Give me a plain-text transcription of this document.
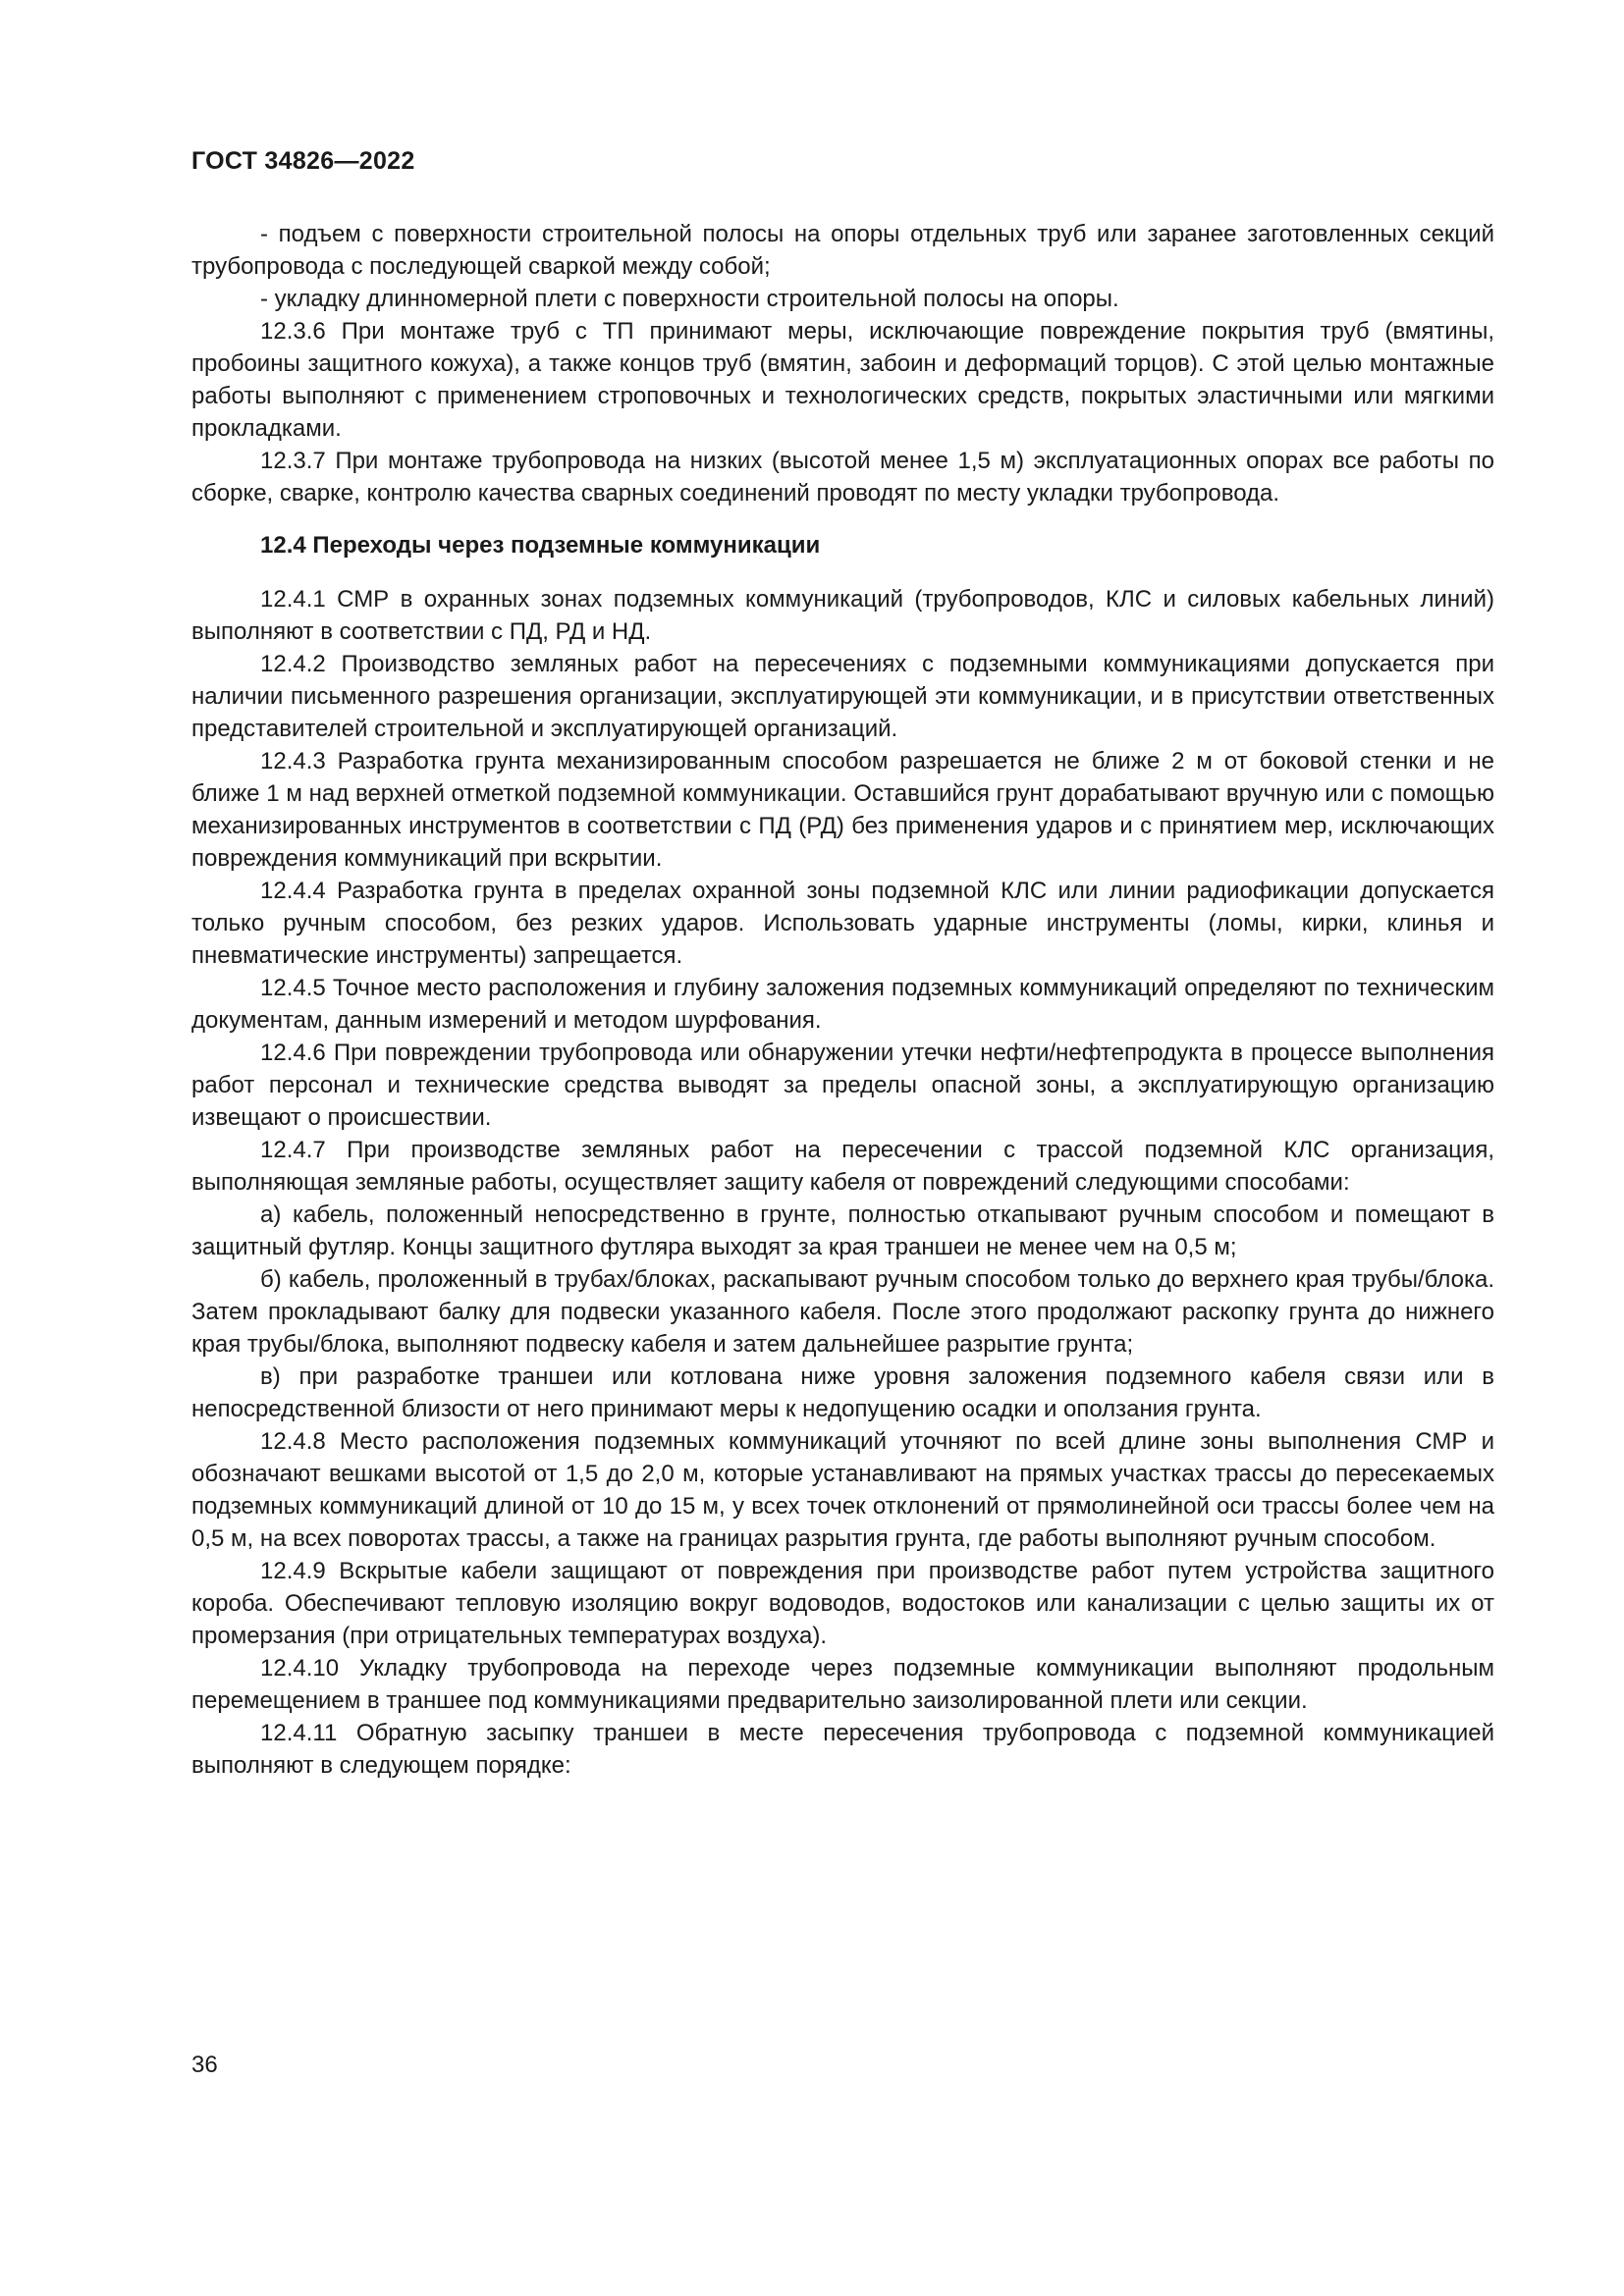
ГОСТ 34826—2022

- подъем с поверхности строительной полосы на опоры отдельных труб или заранее заготовленных секций трубопровода с последующей сваркой между собой;

- укладку длинномерной плети с поверхности строительной полосы на опоры.

12.3.6 При монтаже труб с ТП принимают меры, исключающие повреждение покрытия труб (вмятины, пробоины защитного кожуха), а также концов труб (вмятин, забоин и деформаций торцов). С этой целью монтажные работы выполняют с применением строповочных и технологических средств, покрытых эластичными или мягкими прокладками.

12.3.7 При монтаже трубопровода на низких (высотой менее 1,5 м) эксплуатационных опорах все работы по сборке, сварке, контролю качества сварных соединений проводят по месту укладки трубопровода.

12.4 Переходы через подземные коммуникации

12.4.1 СМР в охранных зонах подземных коммуникаций (трубопроводов, КЛС и силовых кабельных линий) выполняют в соответствии с ПД, РД и НД.

12.4.2 Производство земляных работ на пересечениях с подземными коммуникациями допускается при наличии письменного разрешения организации, эксплуатирующей эти коммуникации, и в присутствии ответственных представителей строительной и эксплуатирующей организаций.

12.4.3 Разработка грунта механизированным способом разрешается не ближе 2 м от боковой стенки и не ближе 1 м над верхней отметкой подземной коммуникации. Оставшийся грунт дорабатывают вручную или с помощью механизированных инструментов в соответствии с ПД (РД) без применения ударов и с принятием мер, исключающих повреждения коммуникаций при вскрытии.

12.4.4 Разработка грунта в пределах охранной зоны подземной КЛС или линии радиофикации допускается только ручным способом, без резких ударов. Использовать ударные инструменты (ломы, кирки, клинья и пневматические инструменты) запрещается.

12.4.5 Точное место расположения и глубину заложения подземных коммуникаций определяют по техническим документам, данным измерений и методом шурфования.

12.4.6 При повреждении трубопровода или обнаружении утечки нефти/нефтепродукта в процессе выполнения работ персонал и технические средства выводят за пределы опасной зоны, а эксплуатирующую организацию извещают о происшествии.

12.4.7 При производстве земляных работ на пересечении с трассой подземной КЛС организация, выполняющая земляные работы, осуществляет защиту кабеля от повреждений следующими способами:

а) кабель, положенный непосредственно в грунте, полностью откапывают ручным способом и помещают в защитный футляр. Концы защитного футляра выходят за края траншеи не менее чем на 0,5 м;

б) кабель, проложенный в трубах/блоках, раскапывают ручным способом только до верхнего края трубы/блока. Затем прокладывают балку для подвески указанного кабеля. После этого продолжают раскопку грунта до нижнего края трубы/блока, выполняют подвеску кабеля и затем дальнейшее разрытие грунта;

в) при разработке траншеи или котлована ниже уровня заложения подземного кабеля связи или в непосредственной близости от него принимают меры к недопущению осадки и оползания грунта.

12.4.8 Место расположения подземных коммуникаций уточняют по всей длине зоны выполнения СМР и обозначают вешками высотой от 1,5 до 2,0 м, которые устанавливают на прямых участках трассы до пересекаемых подземных коммуникаций длиной от 10 до 15 м, у всех точек отклонений от прямолинейной оси трассы более чем на 0,5 м, на всех поворотах трассы, а также на границах разрытия грунта, где работы выполняют ручным способом.

12.4.9 Вскрытые кабели защищают от повреждения при производстве работ путем устройства защитного короба. Обеспечивают тепловую изоляцию вокруг водоводов, водостоков или канализации с целью защиты их от промерзания (при отрицательных температурах воздуха).

12.4.10 Укладку трубопровода на переходе через подземные коммуникации выполняют продольным перемещением в траншее под коммуникациями предварительно заизолированной плети или секции.

12.4.11 Обратную засыпку траншеи в месте пересечения трубопровода с подземной коммуникацией выполняют в следующем порядке:

36
